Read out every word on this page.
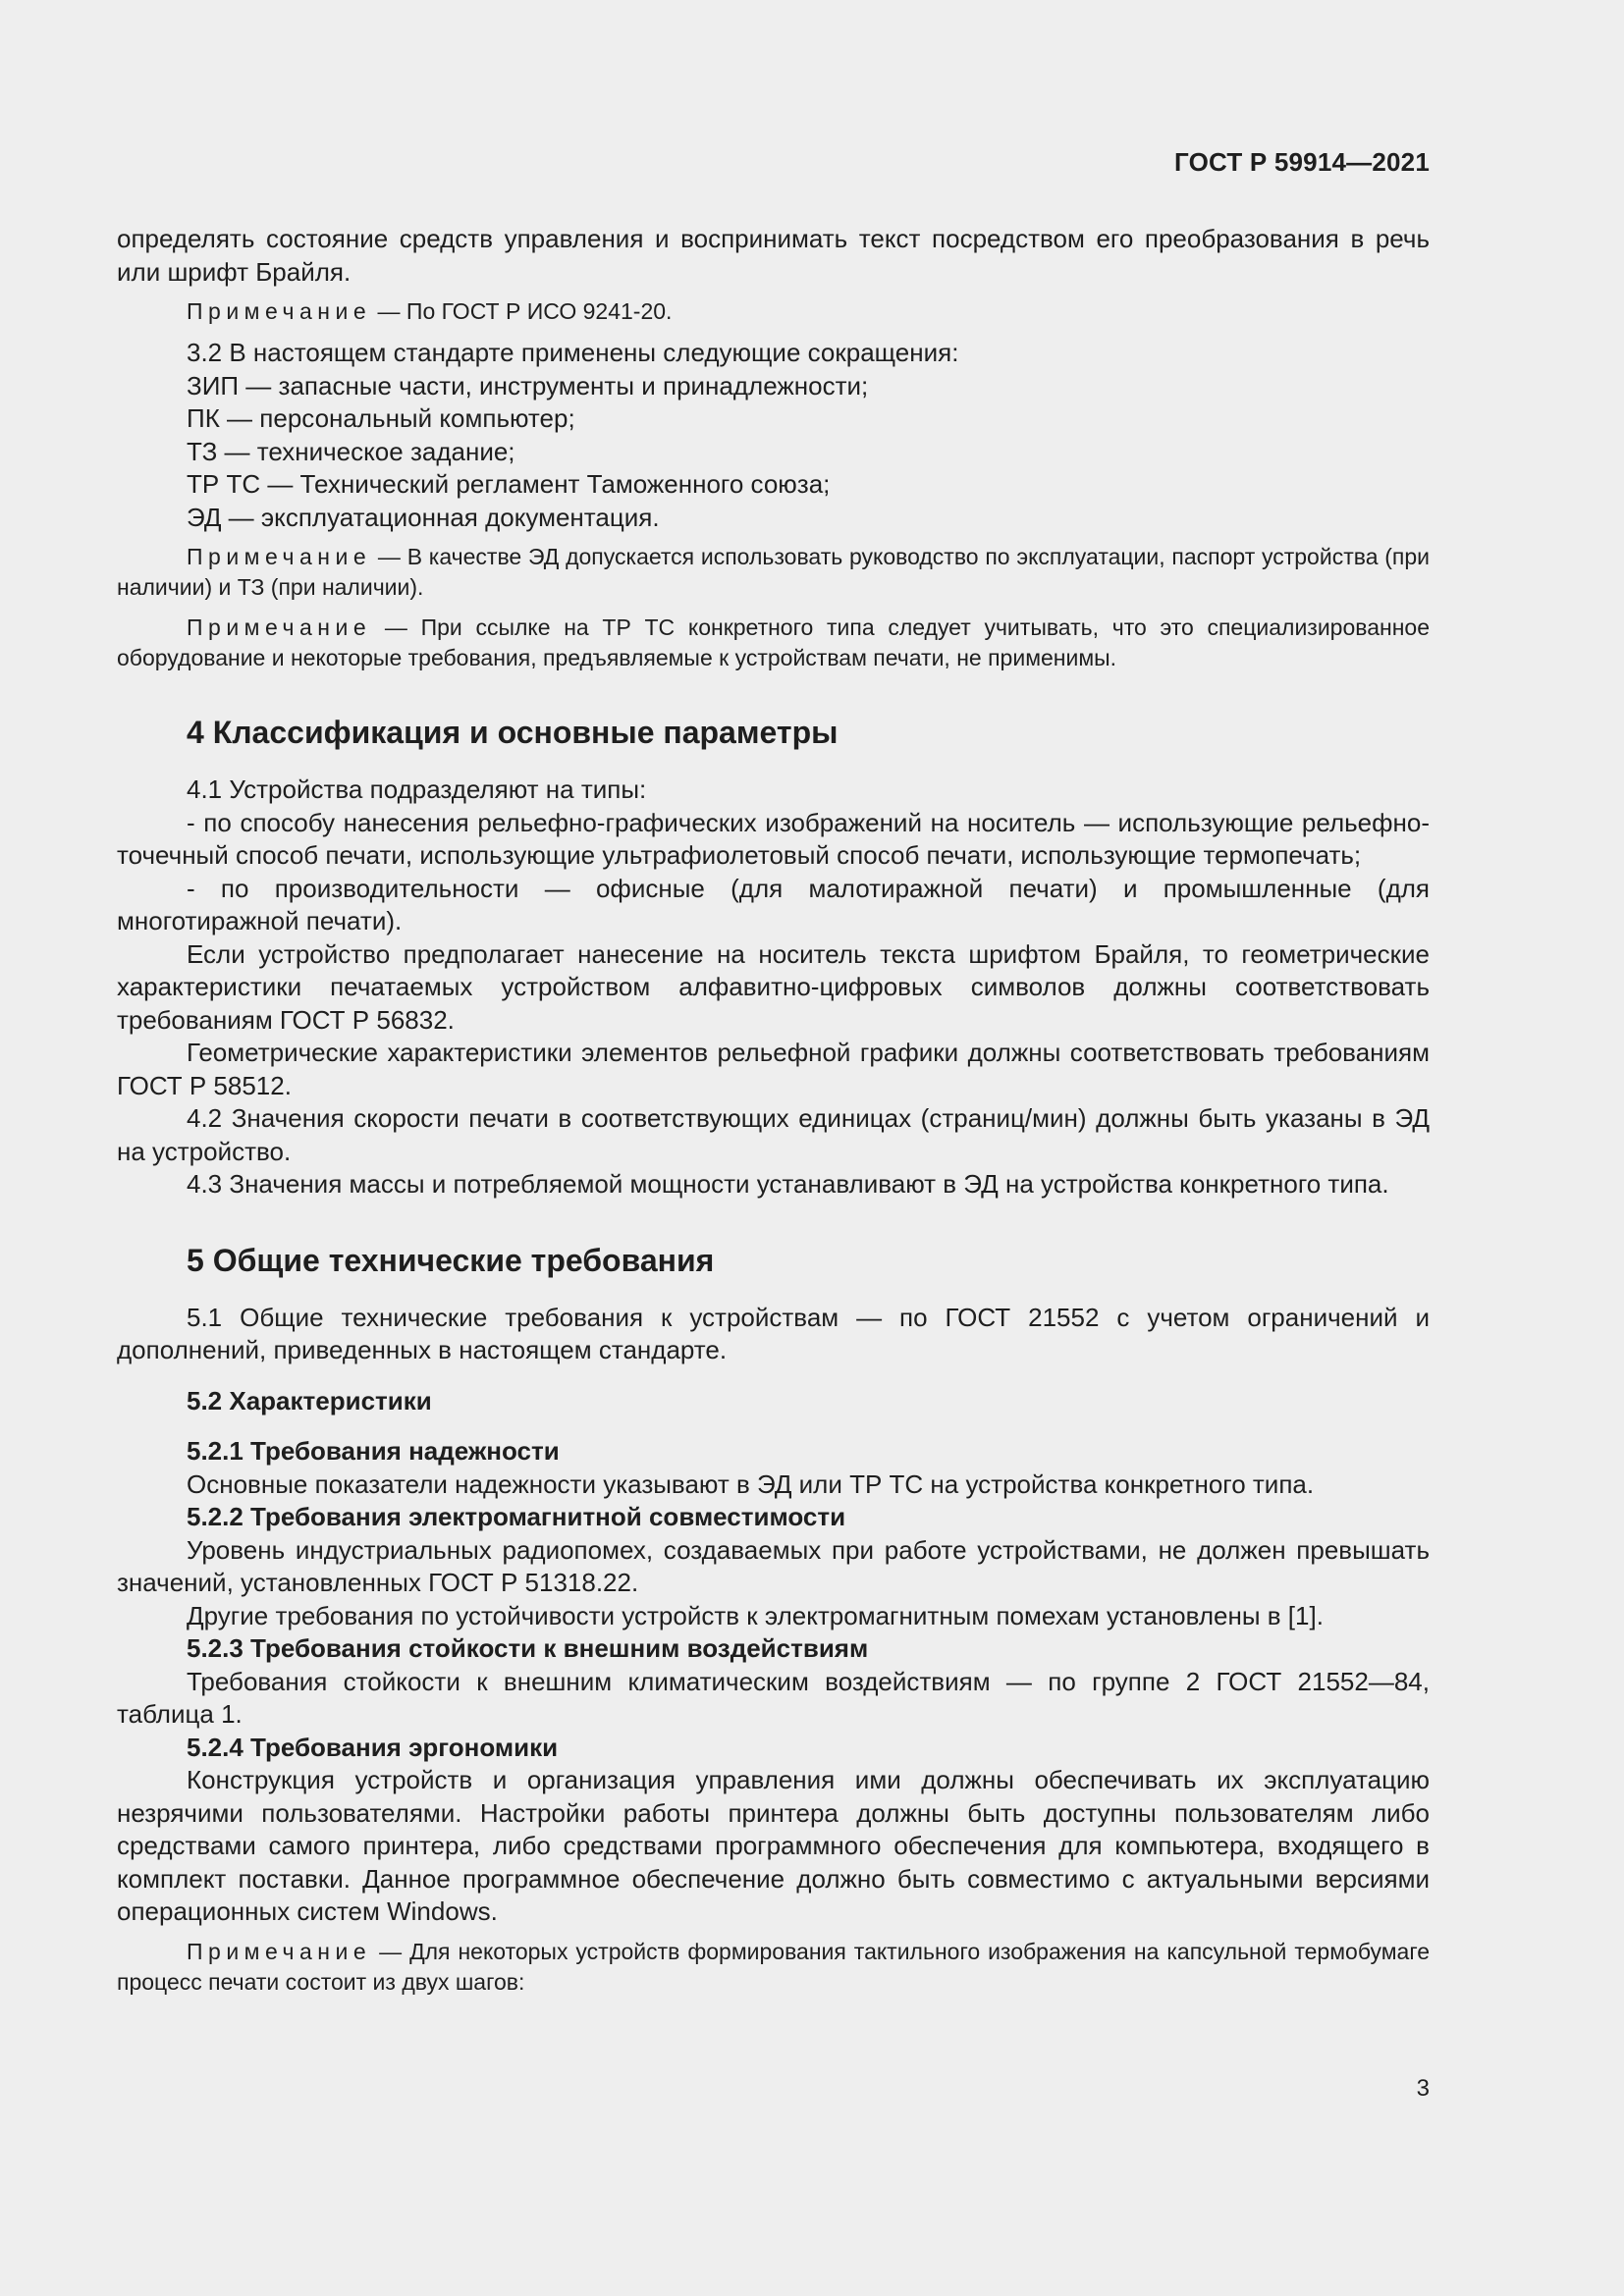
ГОСТ Р 59914—2021

определять состояние средств управления и воспринимать текст посредством его преобразования в речь или шрифт Брайля.

Примечание — По ГОСТ Р ИСО 9241-20.

3.2 В настоящем стандарте применены следующие сокращения:

ЗИП — запасные части, инструменты и принадлежности;

ПК — персональный компьютер;

ТЗ — техническое задание;

ТР ТС — Технический регламент Таможенного союза;

ЭД — эксплуатационная документация.

Примечание — В качестве ЭД допускается использовать руководство по эксплуатации, паспорт устройства (при наличии) и ТЗ (при наличии).

Примечание — При ссылке на ТР ТС конкретного типа следует учитывать, что это специализированное оборудование и некоторые требования, предъявляемые к устройствам печати, не применимы.

4 Классификация и основные параметры

4.1 Устройства подразделяют на типы:

- по способу нанесения рельефно-графических изображений на носитель — использующие рельефно-точечный способ печати, использующие ультрафиолетовый способ печати, использующие термопечать;

- по производительности — офисные (для малотиражной печати) и промышленные (для многотиражной печати).

Если устройство предполагает нанесение на носитель текста шрифтом Брайля, то геометрические характеристики печатаемых устройством алфавитно-цифровых символов должны соответствовать требованиям ГОСТ Р 56832.

Геометрические характеристики элементов рельефной графики должны соответствовать требованиям ГОСТ Р 58512.

4.2 Значения скорости печати в соответствующих единицах (страниц/мин) должны быть указаны в ЭД на устройство.

4.3 Значения массы и потребляемой мощности устанавливают в ЭД на устройства конкретного типа.

5 Общие технические требования

5.1 Общие технические требования к устройствам — по ГОСТ 21552 с учетом ограничений и дополнений, приведенных в настоящем стандарте.

5.2 Характеристики
5.2.1 Требования надежности

Основные показатели надежности указывают в ЭД или ТР ТС на устройства конкретного типа.

5.2.2 Требования электромагнитной совместимости

Уровень индустриальных радиопомех, создаваемых при работе устройствами, не должен превышать значений, установленных ГОСТ Р 51318.22.

Другие требования по устойчивости устройств к электромагнитным помехам установлены в [1].

5.2.3 Требования стойкости к внешним воздействиям

Требования стойкости к внешним климатическим воздействиям — по группе 2 ГОСТ 21552—84, таблица 1.

5.2.4 Требования эргономики

Конструкция устройств и организация управления ими должны обеспечивать их эксплуатацию незрячими пользователями. Настройки работы принтера должны быть доступны пользователям либо средствами самого принтера, либо средствами программного обеспечения для компьютера, входящего в комплект поставки. Данное программное обеспечение должно быть совместимо с актуальными версиями операционных систем Windows.

Примечание — Для некоторых устройств формирования тактильного изображения на капсульной термобумаге процесс печати состоит из двух шагов:

3
